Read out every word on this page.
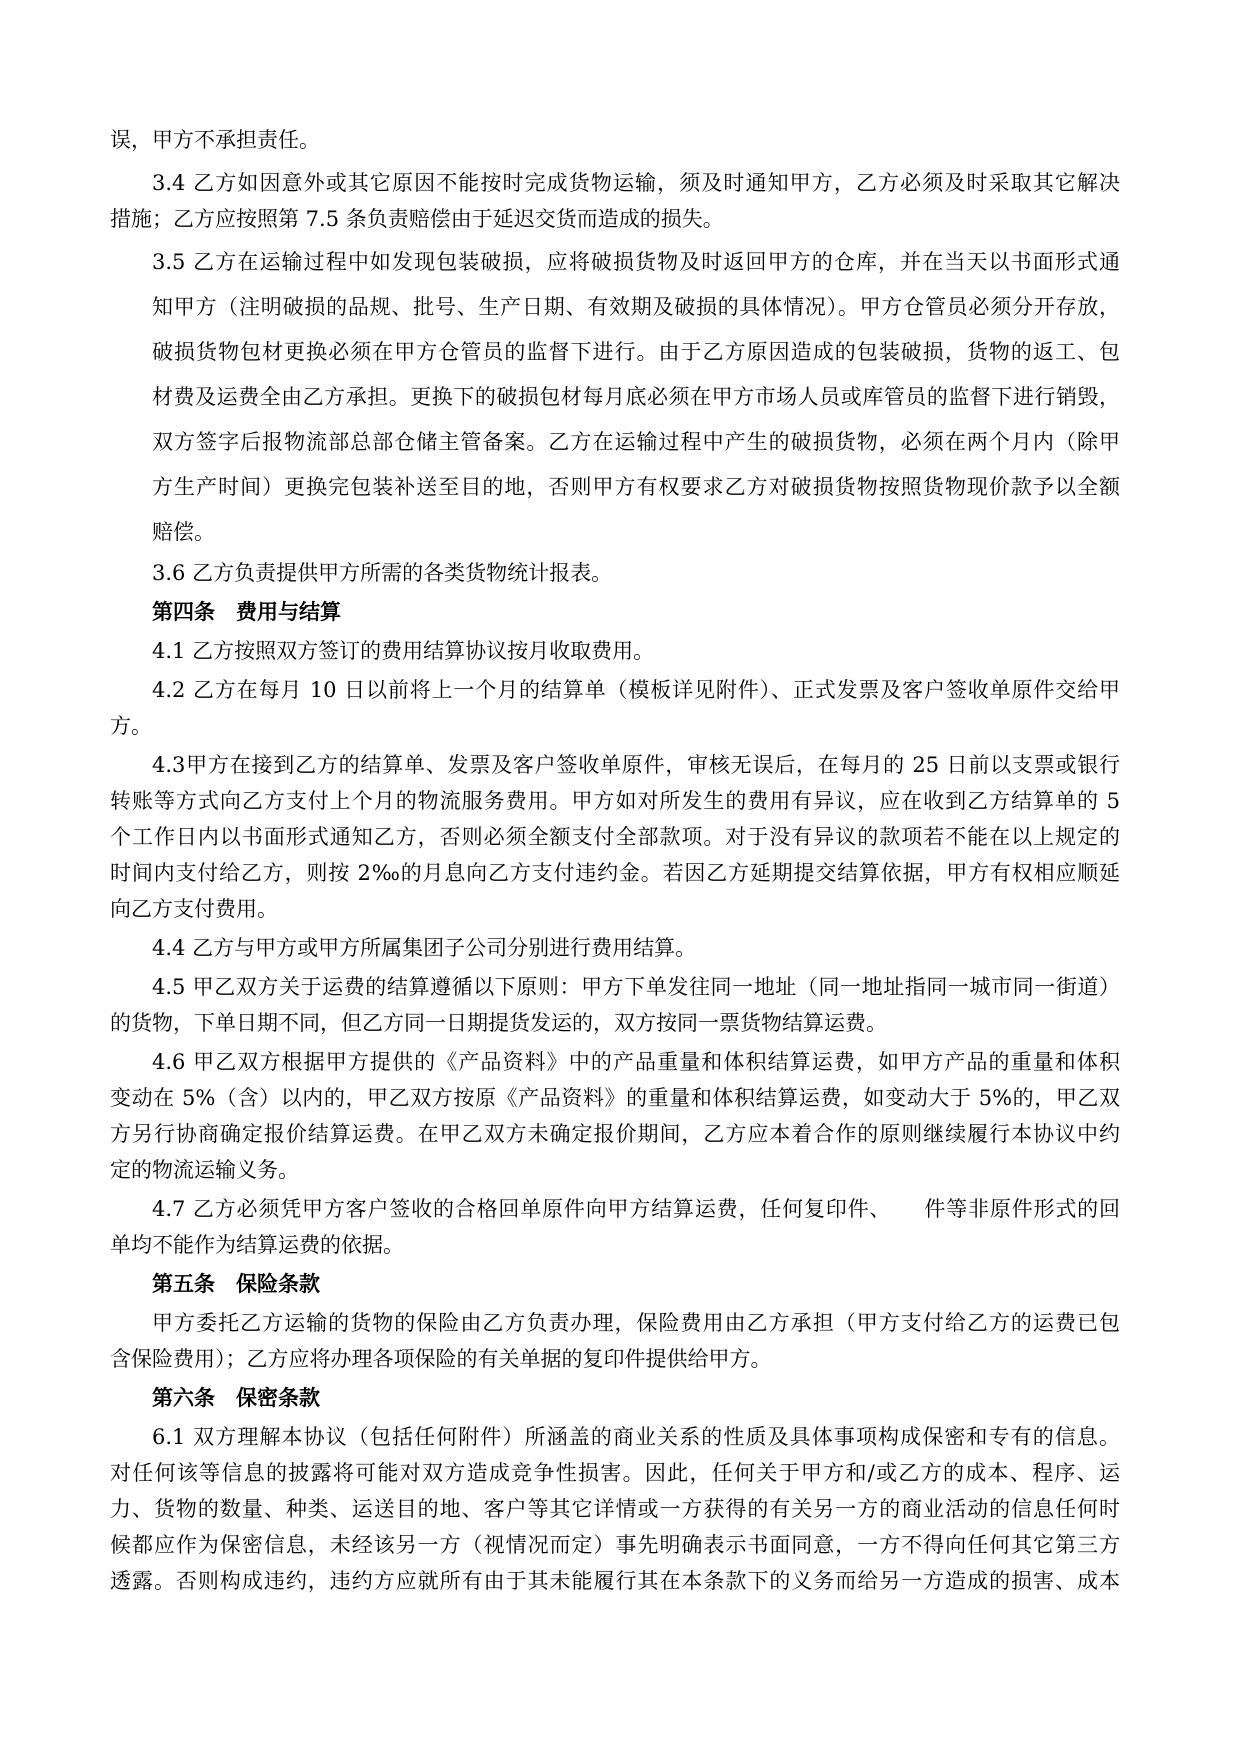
误，甲方不承担责任。
3.4 乙方如因意外或其它原因不能按时完成货物运输，须及时通知甲方，乙方必须及时采取其它解决
措施；乙方应按照第 7.5 条负责赔偿由于延迟交货而造成的损失。
3.5 乙方在运输过程中如发现包装破损，应将破损货物及时返回甲方的仓库，并在当天以书面形式通
知甲方（注明破损的品规、批号、生产日期、有效期及破损的具体情况）。甲方仓管员必须分开存放，
破损货物包材更换必须在甲方仓管员的监督下进行。由于乙方原因造成的包装破损，货物的返工、包
材费及运费全由乙方承担。更换下的破损包材每月底必须在甲方市场人员或库管员的监督下进行销毁，
双方签字后报物流部总部仓储主管备案。乙方在运输过程中产生的破损货物，必须在两个月内（除甲
方生产时间）更换完包装补送至目的地，否则甲方有权要求乙方对破损货物按照货物现价款予以全额
赔偿。
3.6 乙方负责提供甲方所需的各类货物统计报表。
第四条 费用与结算
4.1 乙方按照双方签订的费用结算协议按月收取费用。
4.2 乙方在每月 10 日以前将上一个月的结算单（模板详见附件）、正式发票及客户签收单原件交给甲
方。
4.3甲方在接到乙方的结算单、发票及客户签收单原件，审核无误后，在每月的 25 日前以支票或银行
转账等方式向乙方支付上个月的物流服务费用。甲方如对所发生的费用有异议，应在收到乙方结算单的 5
个工作日内以书面形式通知乙方，否则必须全额支付全部款项。对于没有异议的款项若不能在以上规定的
时间内支付给乙方，则按 2‰的月息向乙方支付违约金。若因乙方延期提交结算依据，甲方有权相应顺延
向乙方支付费用。
4.4 乙方与甲方或甲方所属集团子公司分别进行费用结算。
4.5 甲乙双方关于运费的结算遵循以下原则：甲方下单发往同一地址（同一地址指同一城市同一街道）
的货物，下单日期不同，但乙方同一日期提货发运的，双方按同一票货物结算运费。
4.6 甲乙双方根据甲方提供的《产品资料》中的产品重量和体积结算运费，如甲方产品的重量和体积
变动在 5%（含）以内的，甲乙双方按原《产品资料》的重量和体积结算运费，如变动大于 5%的，甲乙双
方另行协商确定报价结算运费。在甲乙双方未确定报价期间，乙方应本着合作的原则继续履行本协议中约
定的物流运输义务。
4.7 乙方必须凭甲方客户签收的合格回单原件向甲方结算运费，任何复印件、　　件等非原件形式的回
单均不能作为结算运费的依据。
第五条 保险条款
甲方委托乙方运输的货物的保险由乙方负责办理，保险费用由乙方承担（甲方支付给乙方的运费已包
含保险费用）；乙方应将办理各项保险的有关单据的复印件提供给甲方。
第六条 保密条款
6.1 双方理解本协议（包括任何附件）所涵盖的商业关系的性质及具体事项构成保密和专有的信息。
对任何该等信息的披露将可能对双方造成竞争性损害。因此，任何关于甲方和/或乙方的成本、程序、运
力、货物的数量、种类、运送目的地、客户等其它详情或一方获得的有关另一方的商业活动的信息任何时
候都应作为保密信息，未经该另一方（视情况而定）事先明确表示书面同意，一方不得向任何其它第三方
透露。否则构成违约，违约方应就所有由于其未能履行其在本条款下的义务而给另一方造成的损害、成本
